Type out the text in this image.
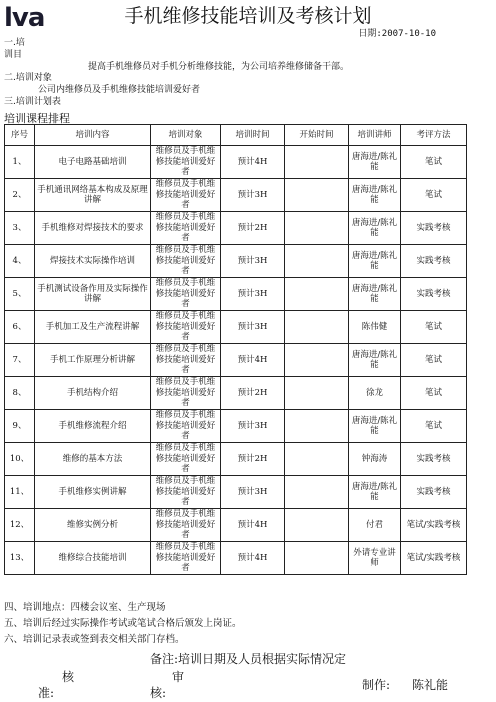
lva	手机维修技能培训及考核计划
日期:2007-10-10
一.培
训目
提高手机维修员对手机分析维修技能，为公司培养维修储备干部。
二.培训对象
公司内维修员及手机维修技能培训爱好者
三.培训计划表
培训课程排程
序号	培训内容	培训对象	培训时间	开始时间	培训讲师	考评方法
1、	电子电路基础培训	维修员及手机维修技能培训爱好者	预计4H		唐海进/陈礼能	笔试
2、	手机通讯网络基本构成及原理讲解	维修员及手机维修技能培训爱好者	预计3H		唐海进/陈礼能	笔试
3、	手机维修对焊接技术的要求	维修员及手机维修技能培训爱好者	预计2H		唐海进/陈礼能	实践考核
4、	焊接技术实际操作培训	维修员及手机维修技能培训爱好者	预计3H		唐海进/陈礼能	实践考核
5、	手机测试设备作用及实际操作讲解	维修员及手机维修技能培训爱好者	预计3H		唐海进/陈礼能	实践考核
6、	手机加工及生产流程讲解	维修员及手机维修技能培训爱好者	预计3H		陈伟健	笔试
7、	手机工作原理分析讲解	维修员及手机维修技能培训爱好者	预计4H		唐海进/陈礼能	笔试
8、	手机结构介绍	维修员及手机维修技能培训爱好者	预计2H		徐龙	笔试
9、	手机维修流程介绍	维修员及手机维修技能培训爱好者	预计3H		唐海进/陈礼能	笔试
10、	维修的基本方法	维修员及手机维修技能培训爱好者	预计2H		钟海涛	实践考核
11、	手机维修实例讲解	维修员及手机维修技能培训爱好者	预计3H		唐海进/陈礼能	实践考核
12、	维修实例分析	维修员及手机维修技能培训爱好者	预计4H		付君	笔试/实践考核
13、	维修综合技能培训	维修员及手机维修技能培训爱好者	预计4H		外请专业讲师	笔试/实践考核
四、培训地点：四楼会议室、生产现场
五、培训后经过实际操作考试或笔试合格后颁发上岗证。
六、培训记录表或签到表交相关部门存档。
备注:培训日期及人员根据实际情况定
核
准:
审
核:
制作: 陈礼能
